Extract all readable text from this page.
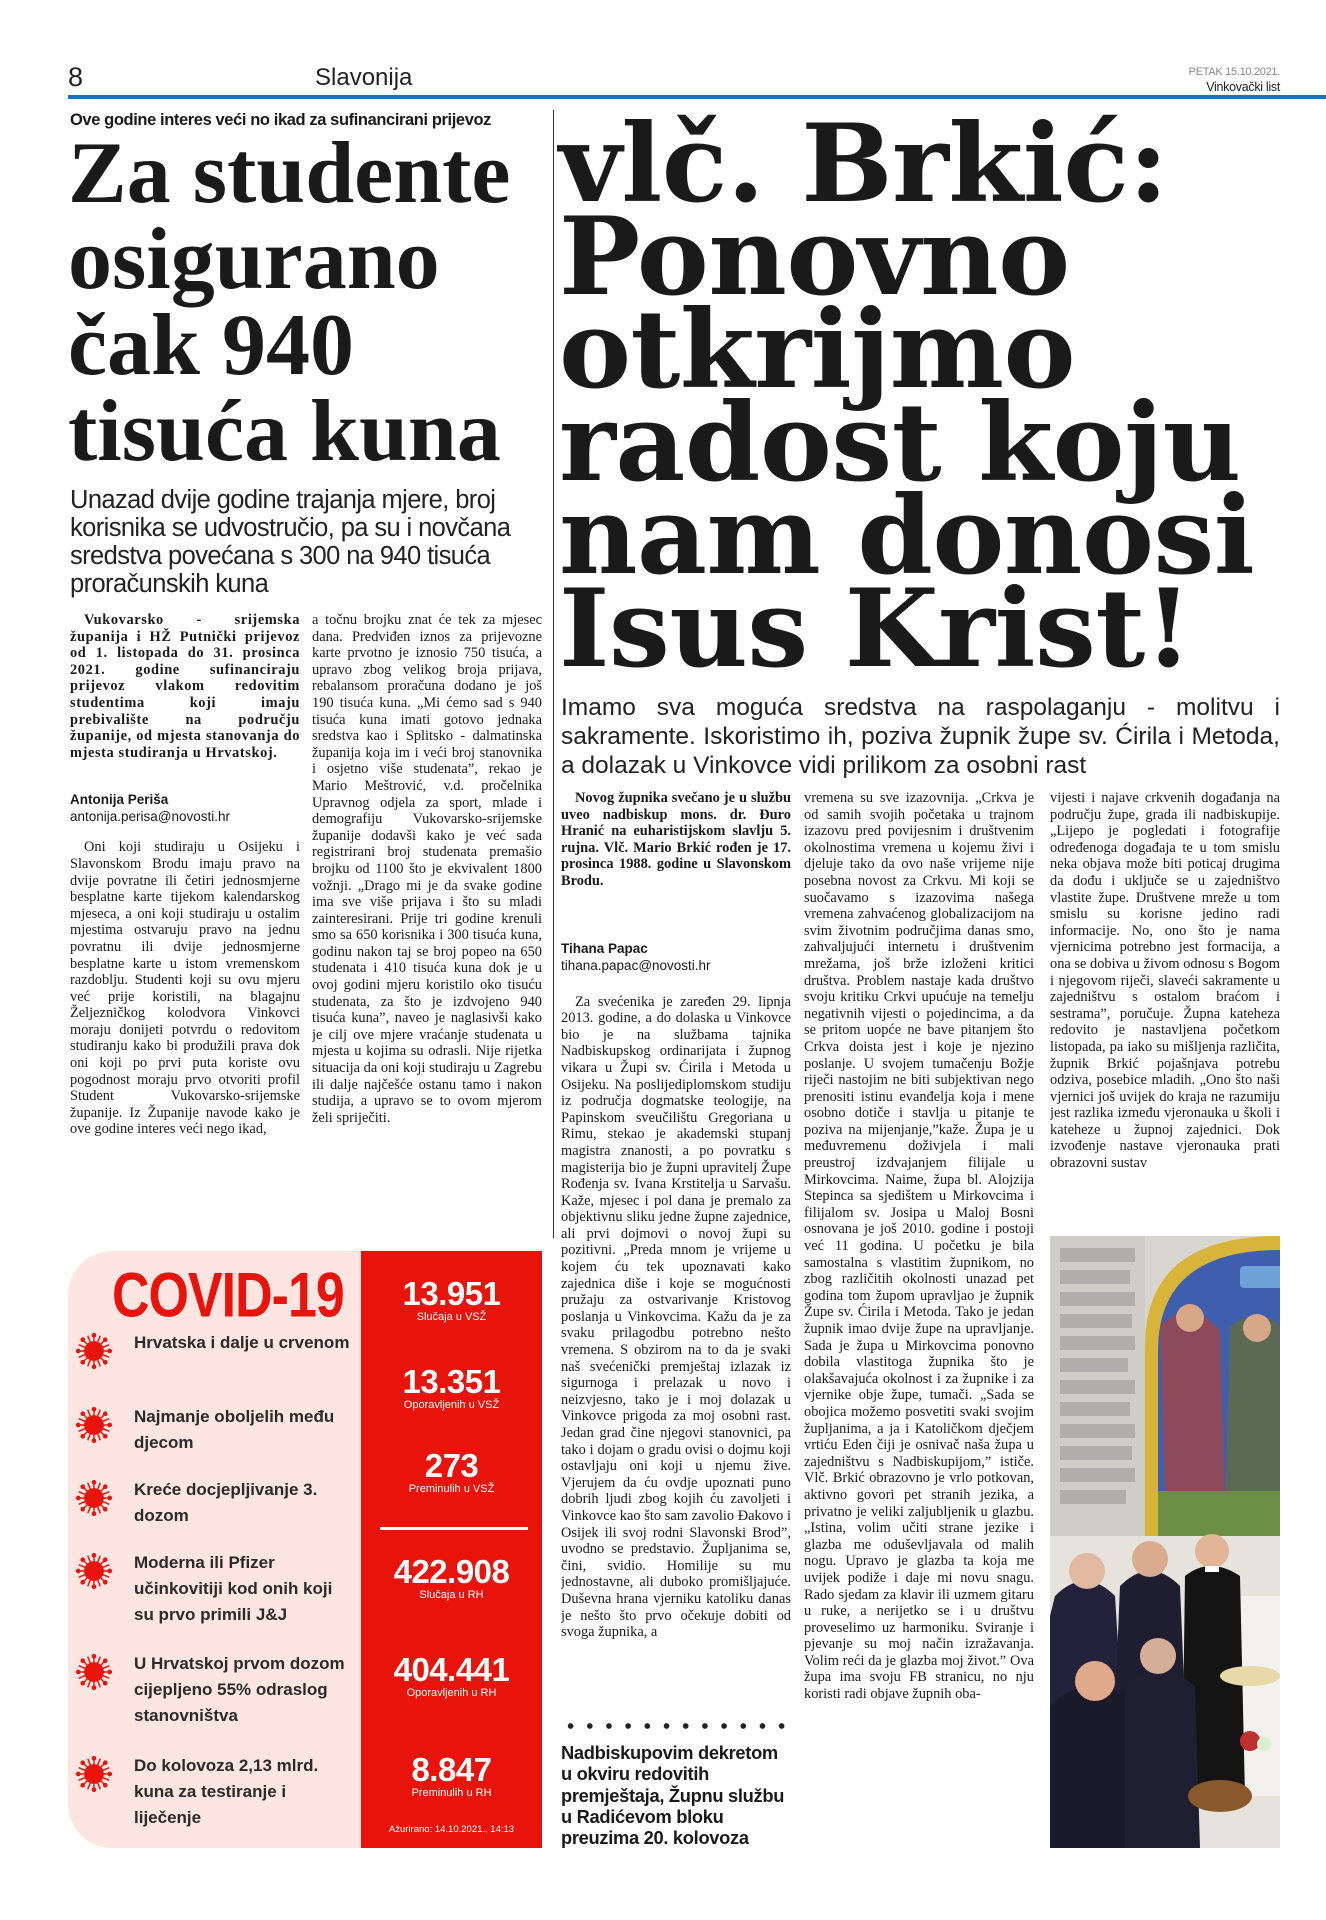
8	Slavonija	PETAK 15.10.2021.
Vinkovački list
Ove godine interes veći no ikad za sufinancirani prijevoz
Za studente osigurano čak 940 tisuća kuna
Unazad dvije godine trajanja mjere, broj korisnika se udvostručio, pa su i novčana sredstva povećana s 300 na 940 tisuća proračunskih kuna

Vukovarsko - srijemska županija i HŽ Putnički prijevoz od 1. listopada do 31. prosinca 2021. godine sufinanciraju prijevoz vlakom redovitim studentima koji imaju prebivalište na području županije, od mjesta stanovanja do mjesta studiranja u Hrvatskoj.

Antonija Periša
antonija.perisa@novosti.hr

Oni koji studiraju u Osijeku i Slavonskom Brodu imaju pravo na dvije povratne ili četiri jednosmjerne besplatne karte tijekom kalendarskog mjeseca, a oni koji studiraju u ostalim mjestima ostvaruju pravo na jednu povratnu ili dvije jednosmjerne besplatne karte u istom vremenskom razdoblju. Studenti koji su ovu mjeru već prije koristili, na blagajnu Željezničkog kolodvora Vinkovci moraju donijeti potvrdu o redovitom studiranju kako bi produžili prava dok oni koji po prvi puta koriste ovu pogodnost moraju prvo otvoriti profil Student Vukovarsko-srijemske županije. Iz Županije navode kako je ove godine interes veći nego ikad,

a točnu brojku znat će tek za mjesec dana. Predviđen iznos za prijevozne karte prvotno je iznosio 750 tisuća, a upravo zbog velikog broja prijava, rebalansom proračuna dodano je još 190 tisuća kuna. „Mi ćemo sad s 940 tisuća kuna imati gotovo jednaka sredstva kao i Splitsko - dalmatinska županija koja im i veći broj stanovnika i osjetno više studenata”, rekao je Mario Meštrović, v.d. pročelnika Upravnog odjela za sport, mlade i demografiju Vukovarsko-srijemske županije dodavši kako je već sada registrirani broj studenata premašio brojku od 1100 što je ekvivalent 1800 vožnji. „Drago mi je da svake godine ima sve više prijava i što su mladi zainteresirani. Prije tri godine krenuli smo sa 650 korisnika i 300 tisuća kuna, godinu nakon taj se broj popeo na 650 studenata i 410 tisuća kuna dok je u ovoj godini mjeru koristilo oko tisuću studenata, za što je izdvojeno 940 tisuća kuna”, naveo je naglasivši kako je cilj ove mjere vraćanje studenata u mjesta u kojima su odrasli. Nije rijetka situacija da oni koji studiraju u Zagrebu ili dalje najčešće ostanu tamo i nakon studija, a upravo se to ovom mjerom želi spriječiti.

COVID-19
Hrvatska i dalje u crvenom
Najmanje oboljelih među djecom
Kreće docjepljivanje 3. dozom
Moderna ili Pfizer učinkovitiji kod onih koji su prvo primili J&J
U Hrvatskoj prvom dozom cijepljeno 55% odraslog stanovništva
Do kolovoza 2,13 mlrd. kuna za testiranje i liječenje
13.951
Slučaja u VSŽ
13.351
Oporavljenih u VSŽ
273
Preminulih u VSŽ
422.908
Slučaja u RH
404.441
Oporavljenih u RH
8.847
Preminulih u RH
Ažurirano: 14.10.2021., 14:13
vlč. Brkić: Ponovno otkrijmo radost koju nam donosi Isus Krist!
Imamo sva moguća sredstva na raspolaganju - molitvu i sakramente. Iskoristimo ih, poziva župnik župe sv. Ćirila i Metoda, a dolazak u Vinkovce vidi prilikom za osobni rast

Novog župnika svečano je u službu uveo nadbiskup mons. dr. Đuro Hranić na euharistijskom slavlju 5. rujna. Vlč. Mario Brkić rođen je 17. prosinca 1988. godine u Slavonskom Brodu.

Tihana Papac
tihana.papac@novosti.hr

Za svećenika je zaređen 29. lipnja 2013. godine, a do dolaska u Vinkovce bio je na službama tajnika Nadbiskupskog ordinarijata i župnog vikara u Župi sv. Ćirila i Metoda u Osijeku. Na poslijediplomskom studiju iz područja dogmatske teologije, na Papinskom sveučilištu Gregoriana u Rimu, stekao je akademski stupanj magistra znanosti, a po povratku s magisterija bio je župni upravitelj Župe Rođenja sv. Ivana Krstitelja u Sarvašu. Kaže, mjesec i pol dana je premalo za objektivnu sliku jedne župne zajednice, ali prvi dojmovi o novoj župi su pozitivni. „Preda mnom je vrijeme u kojem ću tek upoznavati kako zajednica diše i koje se mogućnosti pružaju za ostvarivanje Kristovog poslanja u Vinkovcima. Kažu da je za svaku prilagodbu potrebno nešto vremena. S obzirom na to da je svaki naš svećenički premještaj izlazak iz sigurnoga i prelazak u novo i neizvjesno, tako je i moj dolazak u Vinkovce prigoda za moj osobni rast. Jedan grad čine njegovi stanovnici, pa tako i dojam o gradu ovisi o dojmu koji ostavljaju oni koji u njemu žive. Vjerujem da ću ovdje upoznati puno dobrih ljudi zbog kojih ću zavoljeti i Vinkovce kao što sam zavolio Đakovo i Osijek ili svoj rodni Slavonski Brod”, uvodno se predstavio. Župljanima se, čini, svidio. Homilije su mu jednostavne, ali duboko promišljajuće. Duševna hrana vjerniku katoliku danas je nešto što prvo očekuje dobiti od svoga župnika, a

Nadbiskupovim dekretom u okviru redovitih premještaja, Župnu službu u Radićevom bloku preuzima 20. kolovoza

vremena su sve izazovnija. „Crkva je od samih svojih početaka u trajnom izazovu pred povijesnim i društvenim okolnostima vremena u kojemu živi i djeluje tako da ovo naše vrijeme nije posebna novost za Crkvu. Mi koji se suočavamo s izazovima našega vremena zahvaćenog globalizacijom na svim životnim područjima danas smo, zahvaljujući internetu i društvenim mrežama, još brže izloženi kritici društva. Problem nastaje kada društvo svoju kritiku Crkvi upućuje na temelju negativnih vijesti o pojedincima, a da se pritom uopće ne bave pitanjem što Crkva doista jest i koje je njezino poslanje. U svojem tumačenju Božje riječi nastojim ne biti subjektivan nego prenositi istinu evanđelja koja i mene osobno dotiče i stavlja u pitanje te poziva na mijenjanje,”kaže. Župa je u međuvremenu doživjela i mali preustroj izdvajanjem filijale u Mirkovcima. Naime, župa bl. Alojzija Stepinca sa sjedištem u Mirkovcima i filijalom sv. Josipa u Maloj Bosni osnovana je još 2010. godine i postoji već 11 godina. U početku je bila samostalna s vlastitim župnikom, no zbog različitih okolnosti unazad pet godina tom župom upravljao je župnik Župe sv. Ćirila i Metoda. Tako je jedan župnik imao dvije župe na upravljanje. Sada je župa u Mirkovcima ponovno dobila vlastitoga župnika što je olakšavajuća okolnost i za župnike i za vjernike obje župe, tumači. „Sada se obojica možemo posvetiti svaki svojim župljanima, a ja i Katoličkom dječjem vrtiću Eden čiji je osnivač naša župa u zajedništvu s Nadbiskupijom,” ističe. Vlč. Brkić obrazovno je vrlo potkovan, aktivno govori pet stranih jezika, a privatno je veliki zaljubljenik u glazbu.„Istina, volim učiti strane jezike i glazba me oduševljavala od malih nogu. Upravo je glazba ta koja me uvijek podiže i daje mi novu snagu. Rado sjedam za klavir ili uzmem gitaru u ruke, a nerijetko se i u društvu proveselimo uz harmoniku. Sviranje i pjevanje su moj način izražavanja. Volim reći da je glazba moj život.” Ova župa ima svoju FB stranicu, no nju koristi radi objave župnih oba-

vijesti i najave crkvenih događanja na području župe, grada ili nadbiskupije. „Lijepo je pogledati i fotografije određenoga događaja te u tom smislu neka objava može biti poticaj drugima da dođu i uključe se u zajedništvo vlastite župe. Društvene mreže u tom smislu su korisne jedino radi informacije. No, ono što je nama vjernicima potrebno jest formacija, a ona se dobiva u živom odnosu s Bogom i njegovom riječi, slaveći sakramente u zajedništvu s ostalom braćom i sestrama”, poručuje. Župna kateheza redovito je nastavljena početkom listopada, pa iako su mišljenja različita, župnik Brkić pojašnjava potrebu odziva, posebice mladih. „Ono što naši vjernici još uvijek do kraja ne razumiju jest razlika između vjeronauka u školi i kateheze u župnoj zajednici. Dok izvođenje nastave vjeronauka prati obrazovni sustav
